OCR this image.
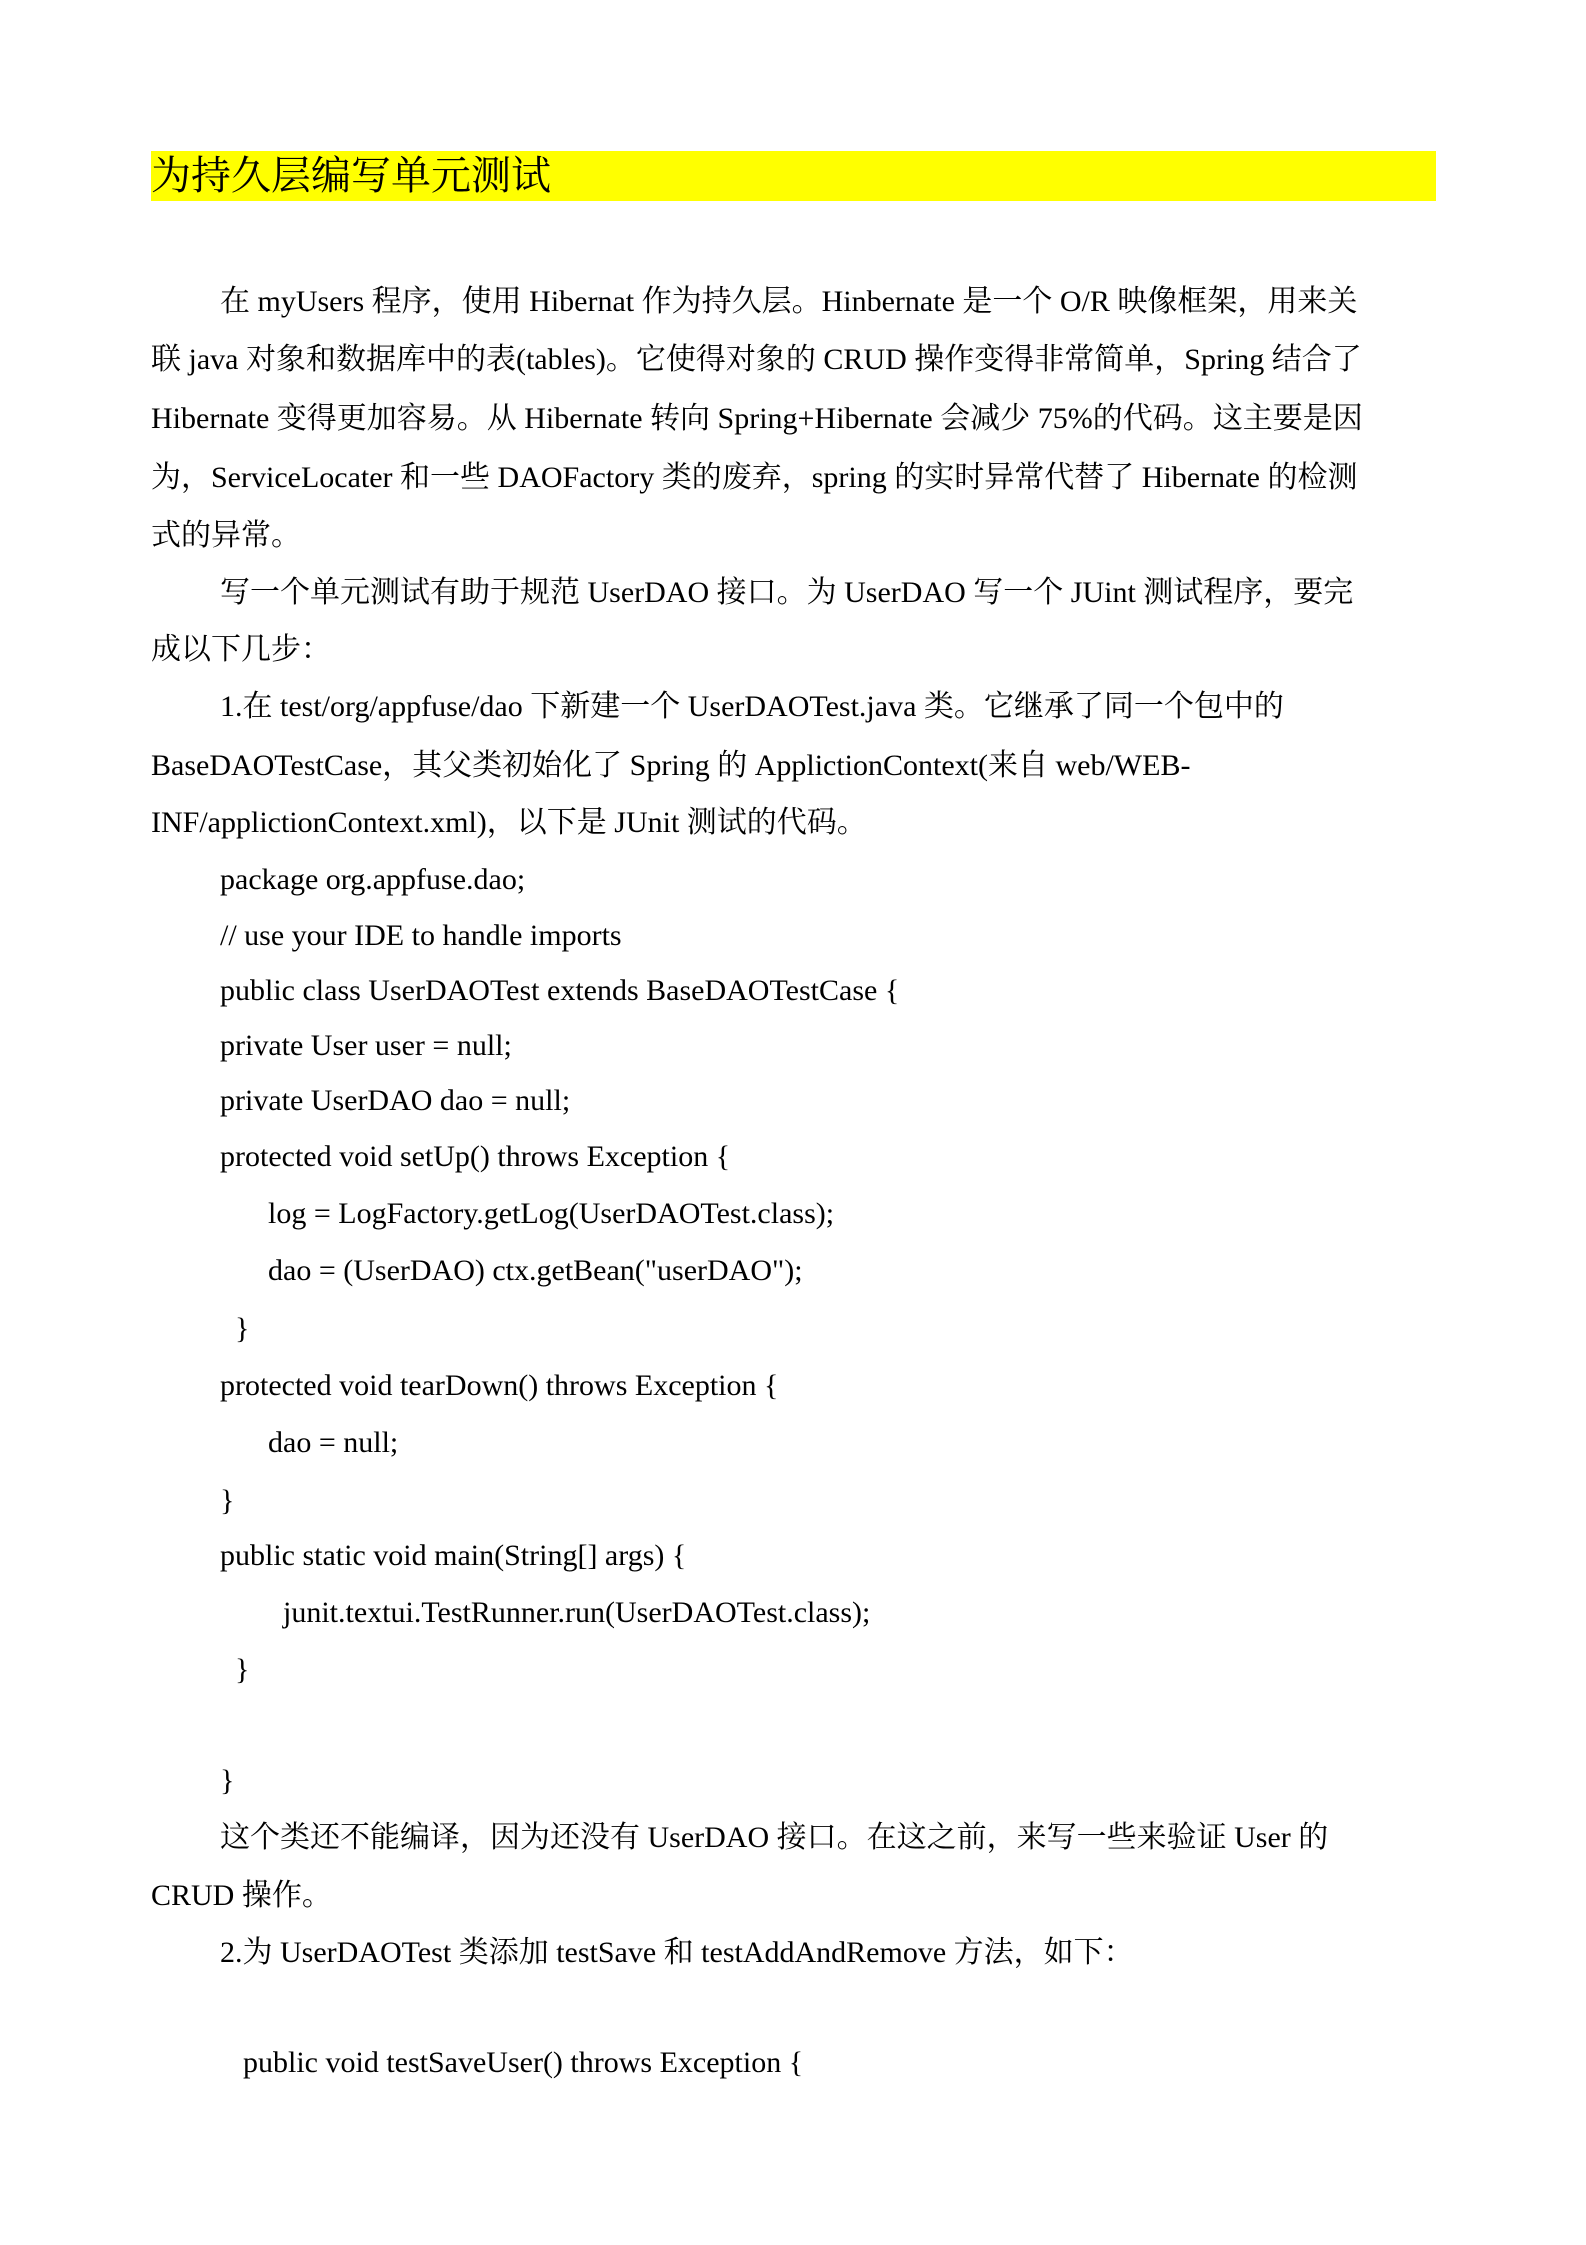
为持久层编写单元测试
在 myUsers 程序，使用 Hibernat 作为持久层。Hinbernate 是一个 O/R 映像框架，用来关
联 java 对象和数据库中的表(tables)。它使得对象的 CRUD 操作变得非常简单，Spring 结合了
Hibernate 变得更加容易。从 Hibernate 转向 Spring+Hibernate 会减少 75%的代码。这主要是因
为，ServiceLocater 和一些 DAOFactory 类的废弃，spring 的实时异常代替了 Hibernate 的检测
式的异常。
写一个单元测试有助于规范 UserDAO 接口。为 UserDAO 写一个 JUint 测试程序，要完
成以下几步：
1.在 test/org/appfuse/dao 下新建一个 UserDAOTest.java 类。它继承了同一个包中的
BaseDAOTestCase，其父类初始化了 Spring 的 ApplictionContext(来自 web/WEB-
INF/applictionContext.xml)，以下是 JUnit 测试的代码。
package org.appfuse.dao;
// use your IDE to handle imports
public class UserDAOTest extends BaseDAOTestCase {
private User user = null;
private UserDAO dao = null;
protected void setUp() throws Exception {
log = LogFactory.getLog(UserDAOTest.class);
dao = (UserDAO) ctx.getBean("userDAO");
}
protected void tearDown() throws Exception {
dao = null;
}
public static void main(String[] args) {
junit.textui.TestRunner.run(UserDAOTest.class);
}
}
这个类还不能编译，因为还没有 UserDAO 接口。在这之前，来写一些来验证 User 的
CRUD 操作。
2.为 UserDAOTest 类添加 testSave 和 testAddAndRemove 方法，如下：
public void testSaveUser() throws Exception {
